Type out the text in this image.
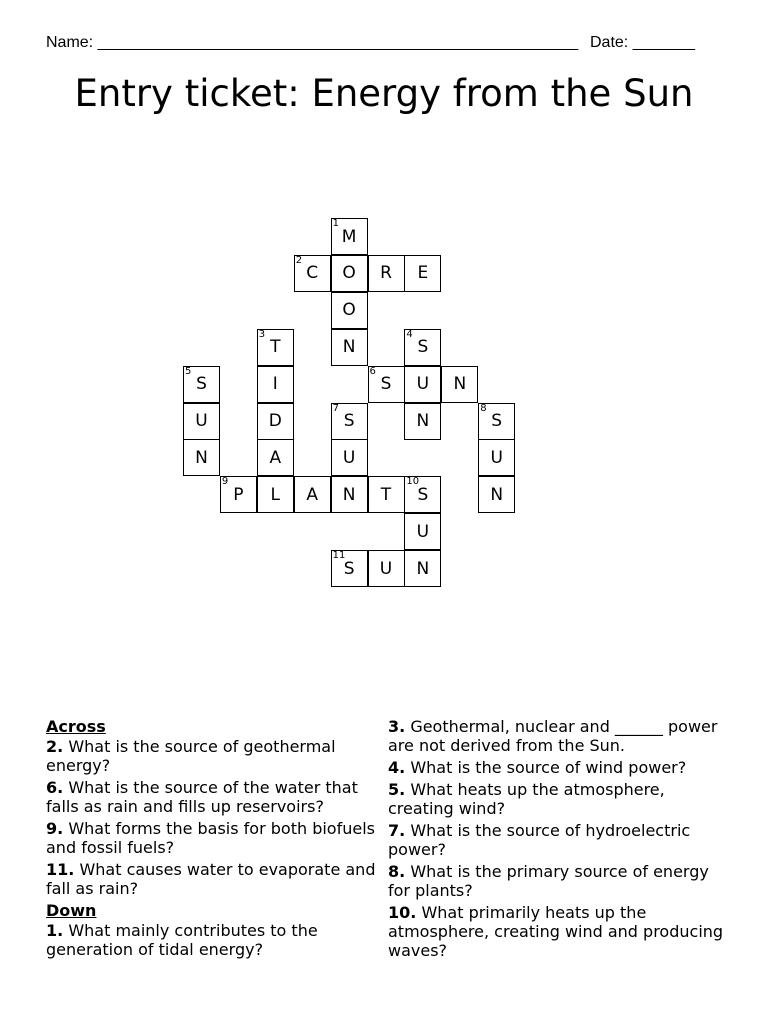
Name: ______________________________________________________ Date: _______
Entry ticket: Energy from the Sun
1
M
2
C	O	R	E
O
3
T	N
4
S
5
S	I
6
S	U	N
U	D
7
S	N
8
S
N	A	U	U
9
P	L	A	N	T
10
S	N
U
11
S	U	N
Across
2. What is the source of geothermal energy?
6. What is the source of the water that falls as rain and fills up reservoirs?
9. What forms the basis for both biofuels and fossil fuels?
11. What causes water to evaporate and fall as rain?
Down
1. What mainly contributes to the generation of tidal energy?
3. Geothermal, nuclear and ______ power are not derived from the Sun.
4. What is the source of wind power?
5. What heats up the atmosphere, creating wind?
7. What is the source of hydroelectric power?
8. What is the primary source of energy for plants?
10. What primarily heats up the atmosphere, creating wind and producing waves?
